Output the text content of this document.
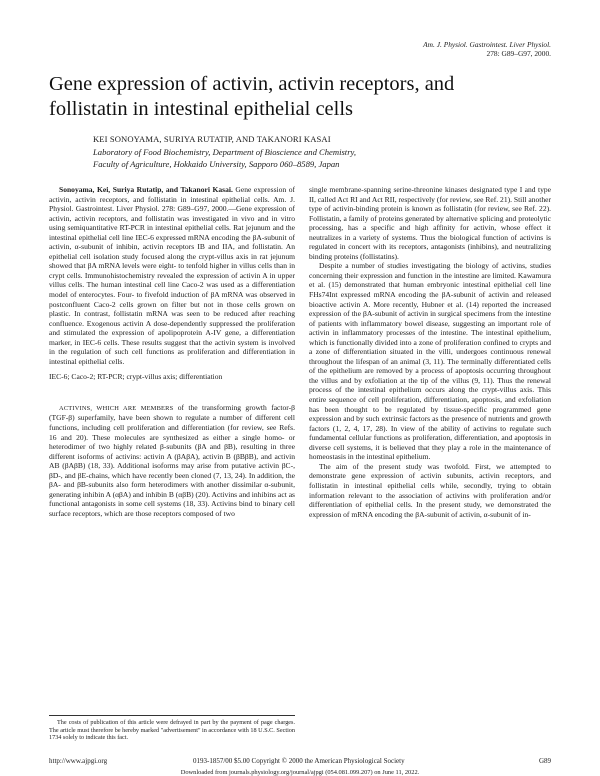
Am. J. Physiol. Gastrointest. Liver Physiol.
278: G89–G97, 2000.
Gene expression of activin, activin receptors, and
follistatin in intestinal epithelial cells
KEI SONOYAMA, SURIYA RUTATIP, AND TAKANORI KASAI
Laboratory of Food Biochemistry, Department of Bioscience and Chemistry,
Faculty of Agriculture, Hokkaido University, Sapporo 060–8589, Japan

Sonoyama, Kei, Suriya Rutatip, and Takanori Kasai. Gene expression of activin, activin receptors, and follistatin in intestinal epithelial cells. Am. J. Physiol. Gastrointest. Liver Physiol. 278: G89–G97, 2000.—Gene expression of activin, activin receptors, and follistatin was investigated in vivo and in vitro using semiquantitative RT-PCR in intestinal epithelial cells. Rat jejunum and the intestinal epithelial cell line IEC-6 expressed mRNA encoding the βA-subunit of activin, α-subunit of inhibin, activin receptors IB and IIA, and follistatin. An epithelial cell isolation study focused along the crypt-villus axis in rat jejunum showed that βA mRNA levels were eight- to tenfold higher in villus cells than in crypt cells. Immunohistochemistry revealed the expression of activin A in upper villus cells. The human intestinal cell line Caco-2 was used as a differentiation model of enterocytes. Four- to fivefold induction of βA mRNA was observed in postconfluent Caco-2 cells grown on filter but not in those cells grown on plastic. In contrast, follistatin mRNA was seen to be reduced after reaching confluence. Exogenous activin A dose-dependently suppressed the proliferation and stimulated the expression of apolipoprotein A-IV gene, a differentiation marker, in IEC-6 cells. These results suggest that the activin system is involved in the regulation of such cell functions as proliferation and differentiation in intestinal epithelial cells.

IEC-6; Caco-2; RT-PCR; crypt-villus axis; differentiation

ACTIVINS, WHICH ARE MEMBERS of the transforming growth factor-β (TGF-β) superfamily, have been shown to regulate a number of different cell functions, including cell proliferation and differentiation (for review, see Refs. 16 and 20). These molecules are synthesized as either a single homo- or heterodimer of two highly related β-subunits (βA and βB), resulting in three different isoforms of activins: activin A (βAβA), activin B (βBβB), and activin AB (βAβB) (18, 33). Additional isoforms may arise from putative activin βC-, βD-, and βE-chains, which have recently been cloned (7, 13, 24). In addition, the βA- and βB-subunits also form heterodimers with another dissimilar α-subunit, generating inhibin A (αβA) and inhibin B (αβB) (20). Activins and inhibins act as functional antagonists in some cell systems (18, 33). Activins bind to binary cell surface receptors, which are those receptors composed of two

single membrane-spanning serine-threonine kinases designated type I and type II, called Act RI and Act RII, respectively (for review, see Ref. 21). Still another type of activin-binding protein is known as follistatin (for review, see Ref. 22). Follistatin, a family of proteins generated by alternative splicing and proteolytic processing, has a specific and high affinity for activin, whose effect it neutralizes in a variety of systems. Thus the biological function of activins is regulated in concert with its receptors, antagonists (inhibins), and neutralizing binding proteins (follistatins).

Despite a number of studies investigating the biology of activins, studies concerning their expression and function in the intestine are limited. Kawamura et al. (15) demonstrated that human embryonic intestinal epithelial cell line FHs74Int expressed mRNA encoding the βA-subunit of activin and released bioactive activin A. More recently, Hubner et al. (14) reported the increased expression of the βA-subunit of activin in surgical specimens from the intestine of patients with inflammatory bowel disease, suggesting an important role of activin in inflammatory processes of the intestine. The intestinal epithelium, which is functionally divided into a zone of proliferation confined to crypts and a zone of differentiation situated in the villi, undergoes continuous renewal throughout the lifespan of an animal (3, 11). The terminally differentiated cells of the epithelium are removed by a process of apoptosis occurring throughout the villus and by exfoliation at the tip of the villus (9, 11). Thus the renewal process of the intestinal epithelium occurs along the crypt-villus axis. This entire sequence of cell proliferation, differentiation, apoptosis, and exfoliation has been thought to be regulated by tissue-specific programmed gene expression and by such extrinsic factors as the presence of nutrients and growth factors (1, 2, 4, 17, 28). In view of the ability of activins to regulate such fundamental cellular functions as proliferation, differentiation, and apoptosis in diverse cell systems, it is believed that they play a role in the maintenance of homeostasis in the intestinal epithelium.

The aim of the present study was twofold. First, we attempted to demonstrate gene expression of activin subunits, activin receptors, and follistatin in intestinal epithelial cells while, secondly, trying to obtain information relevant to the association of activins with proliferation and/or differentiation of epithelial cells. In the present study, we demonstrated the expression of mRNA encoding the βA-subunit of activin, α-subunit of in-

The costs of publication of this article were defrayed in part by the payment of page charges. The article must therefore be hereby marked "advertisement" in accordance with 18 U.S.C. Section 1734 solely to indicate this fact.

http://www.ajpgi.org	0193-1857/00 $5.00 Copyright © 2000 the American Physiological Society	G89
Downloaded from journals.physiology.org/journal/ajpgi (054.081.099.207) on June 11, 2022.
